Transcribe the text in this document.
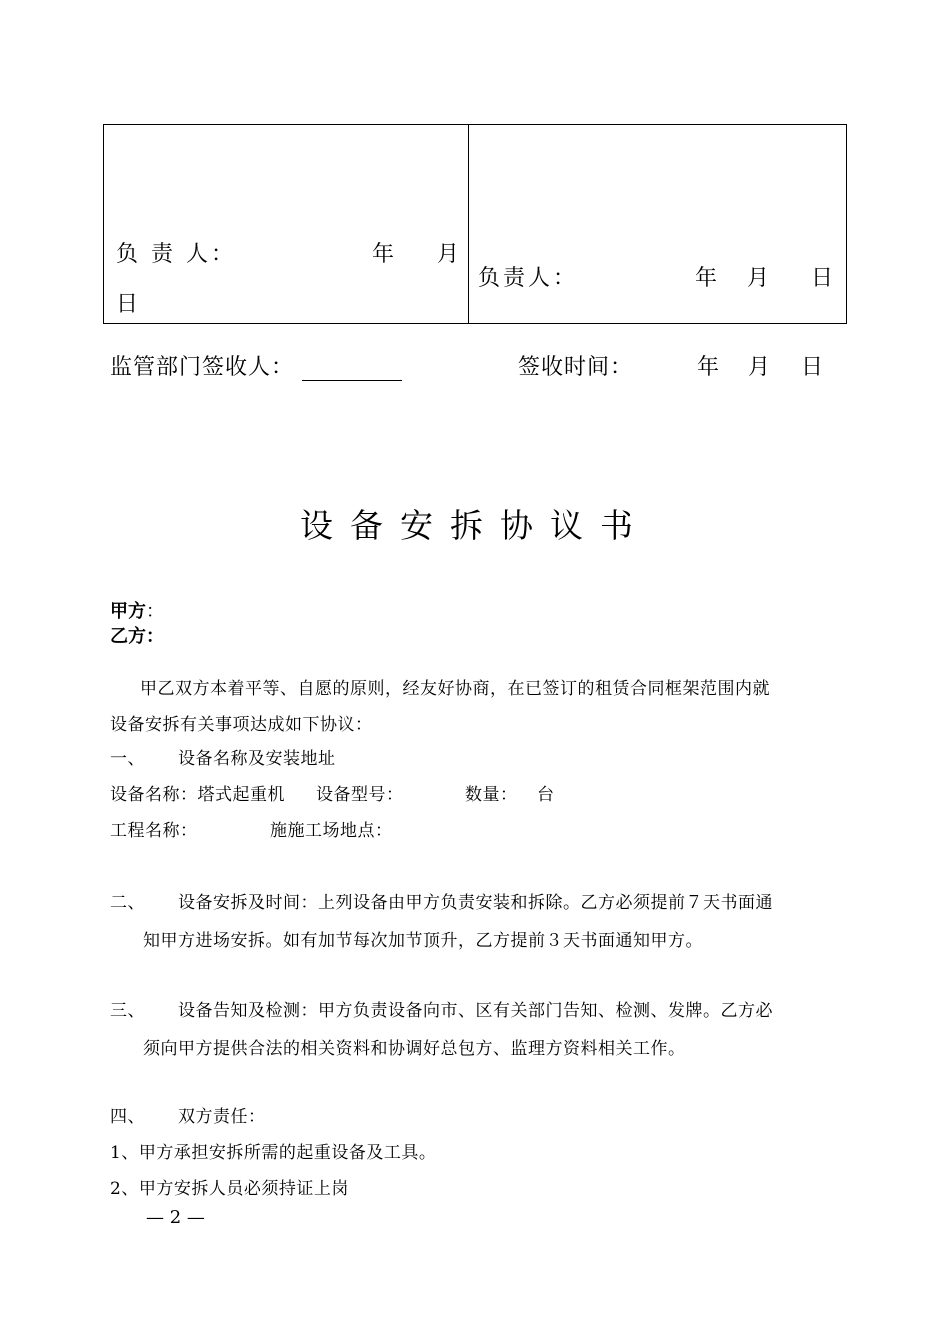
负 责 人：	年 月
日
负责人：	年 月 日
监管部门签收人：	签收时间：	年 月 日
设备安拆协议书
甲方：
乙方：
甲乙双方本着平等、自愿的原则，经友好协商，在已签订的租赁合同框架范围内就
设备安拆有关事项达成如下协议：
一、 设备名称及安装地址
设备名称：塔式起重机 设备型号：	数量： 台
工程名称：	施施工场地点：
二、 设备安拆及时间：上列设备由甲方负责安装和拆除。乙方必须提前７天书面通
知甲方进场安拆。如有加节每次加节顶升，乙方提前３天书面通知甲方。
三、 设备告知及检测：甲方负责设备向市、区有关部门告知、检测、发牌。乙方必
须向甲方提供合法的相关资料和协调好总包方、监理方资料相关工作。
四、 双方责任：
1、甲方承担安拆所需的起重设备及工具。
2、甲方安拆人员必须持证上岗
— 2 —
